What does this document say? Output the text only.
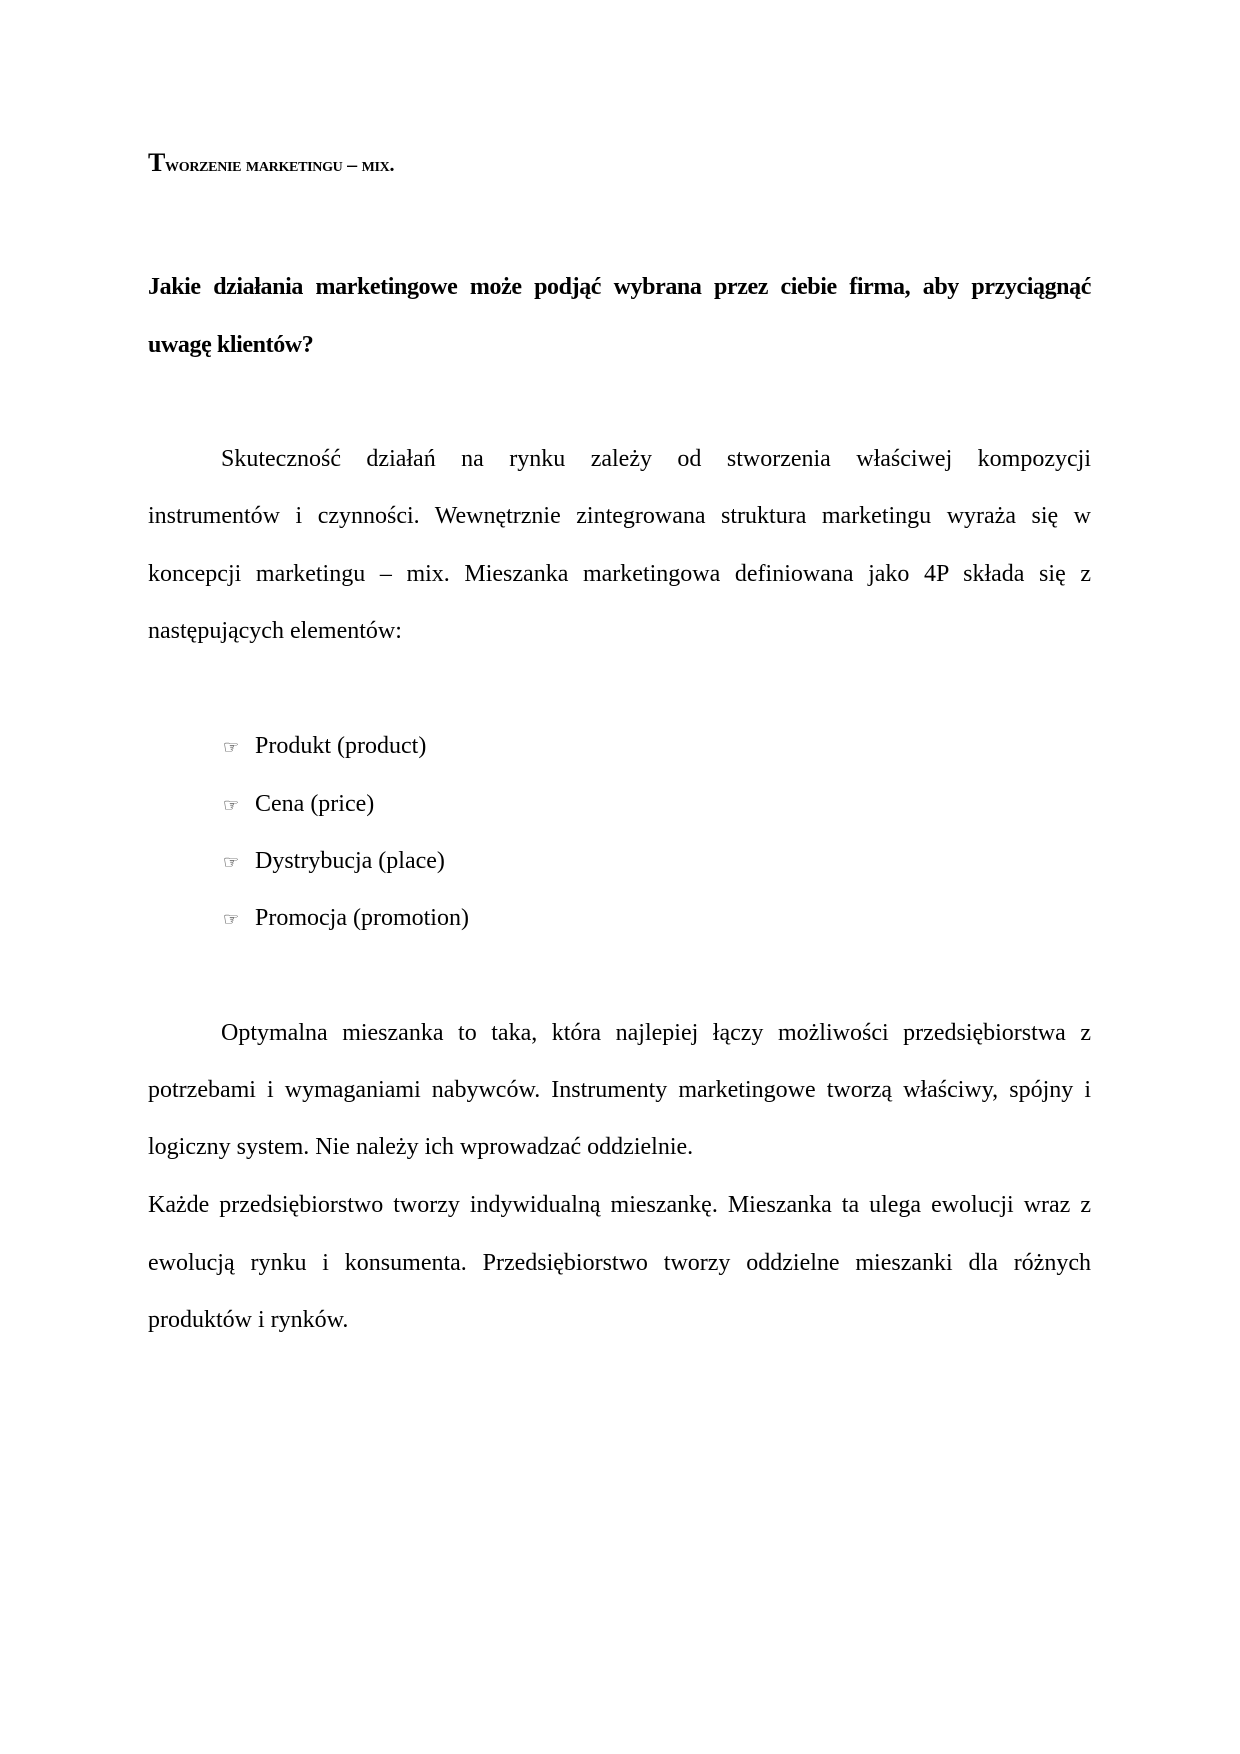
Tworzenie marketingu – mix.
Jakie działania marketingowe może podjąć wybrana przez ciebie firma, aby przyciągnąć
uwagę klientów?
Skuteczność działań na rynku zależy od stworzenia właściwej kompozycji
instrumentów i czynności. Wewnętrznie zintegrowana struktura marketingu wyraża się w
koncepcji marketingu – mix. Mieszanka marketingowa definiowana jako 4P składa się z
następujących elementów:
☞ Produkt (product)
☞ Cena (price)
☞ Dystrybucja (place)
☞ Promocja (promotion)
Optymalna mieszanka to taka, która najlepiej łączy możliwości przedsiębiorstwa z
potrzebami i wymaganiami nabywców. Instrumenty marketingowe tworzą właściwy, spójny i
logiczny system. Nie należy ich wprowadzać oddzielnie.
Każde przedsiębiorstwo tworzy indywidualną mieszankę. Mieszanka ta ulega ewolucji wraz z
ewolucją rynku i konsumenta. Przedsiębiorstwo tworzy oddzielne mieszanki dla różnych
produktów i rynków.
